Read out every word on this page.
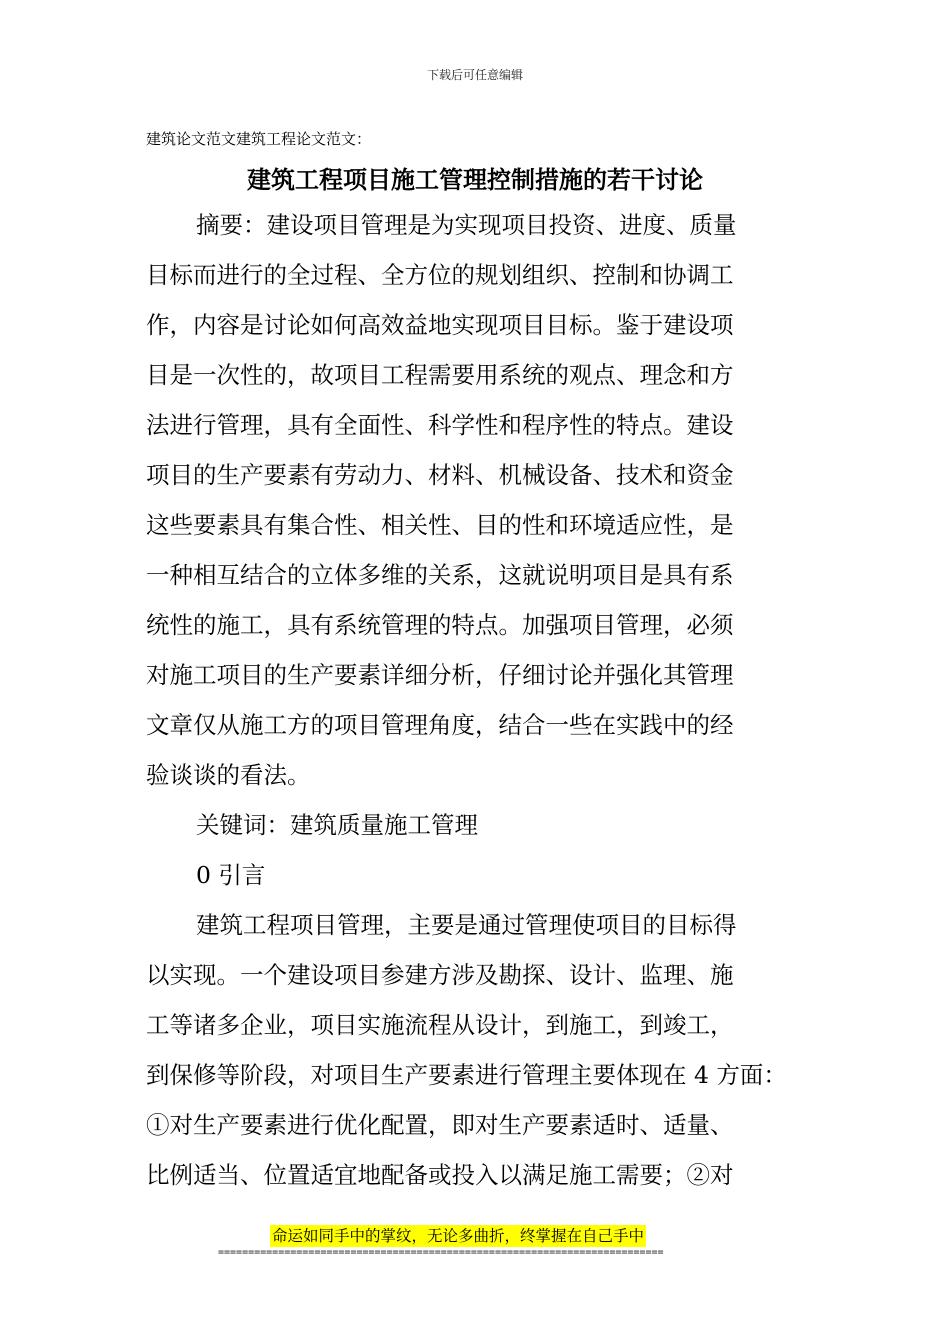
下载后可任意编辑
建筑论文范文建筑工程论文范文：
建筑工程项目施工管理控制措施的若干讨论

摘要：建设项目管理是为实现项目投资、进度、质量

目标而进行的全过程、全方位的规划组织、控制和协调工

作，内容是讨论如何高效益地实现项目目标。鉴于建设项

目是一次性的，故项目工程需要用系统的观点、理念和方

法进行管理，具有全面性、科学性和程序性的特点。建设

项目的生产要素有劳动力、材料、机械设备、技术和资金

这些要素具有集合性、相关性、目的性和环境适应性，是

一种相互结合的立体多维的关系，这就说明项目是具有系

统性的施工，具有系统管理的特点。加强项目管理，必须

对施工项目的生产要素详细分析，仔细讨论并强化其管理

文章仅从施工方的项目管理角度，结合一些在实践中的经

验谈谈的看法。

关键词：建筑质量施工管理

0 引言

建筑工程项目管理，主要是通过管理使项目的目标得

以实现。一个建设项目参建方涉及勘探、设计、监理、施

工等诸多企业，项目实施流程从设计，到施工，到竣工，

到保修等阶段，对项目生产要素进行管理主要体现在 4 方面：

①对生产要素进行优化配置，即对生产要素适时、适量、

比例适当、位置适宜地配备或投入以满足施工需要；②对

命运如同手中的掌纹，无论多曲折，终掌握在自己手中
==========================================================================
